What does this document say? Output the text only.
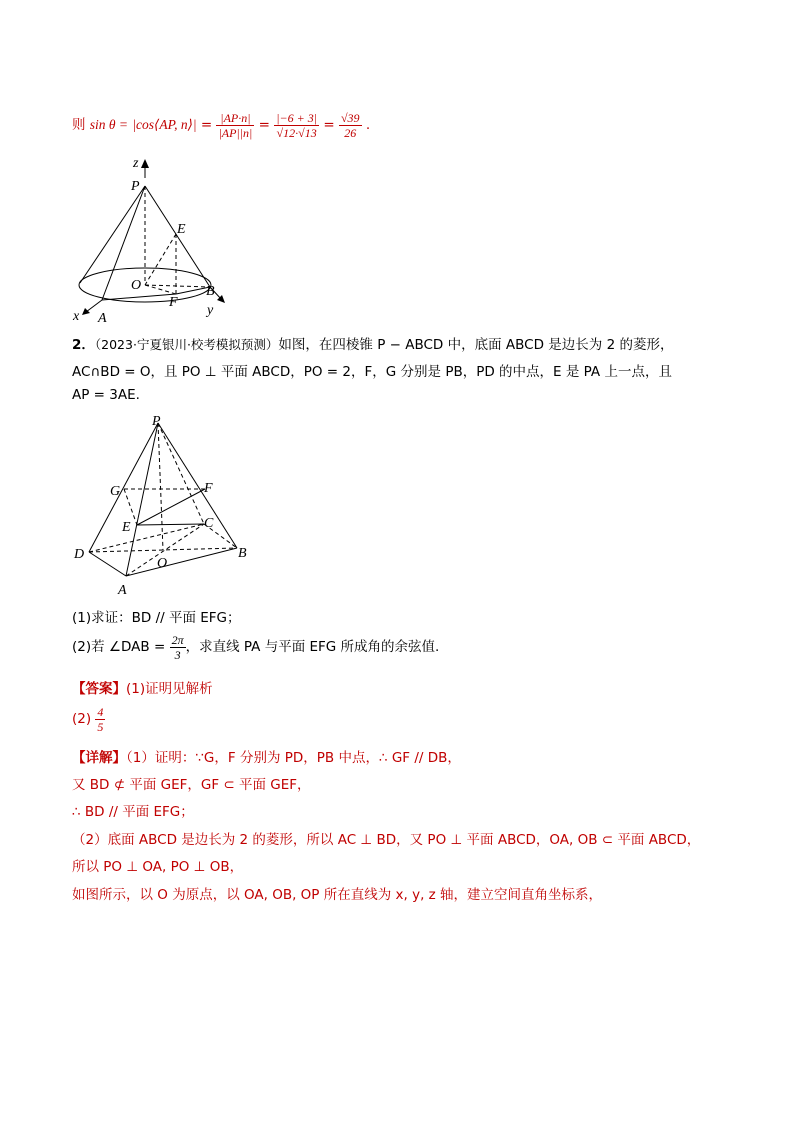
则 sin θ = |cos⟨AP, n⟩| = $\frac{|AP\cdot n|}{|AP||n|} = \frac{|-6 + 3|}{√12\cdot√13} = \frac{√39}{26}$ .
z
P
E
O
F
B
y
x A
2．（2023·宁夏银川·校考模拟预测）如图，在四棱锥 P − ABCD 中，底面 ABCD 是边长为 2 的菱形，
AC∩BD = O，且 PO ⊥ 平面 ABCD，PO = 2，F，G 分别是 PB，PD 的中点，E 是 PA 上一点，且
AP = 3AE.
P
G	F
E	C
D
O
B
A
(1)求证：BD // 平面 EFG；
(2)若 ∠DAB = $\frac{2\pi}{3}$ ，求直线 PA 与平面 EFG 所成角的余弦值.
【答案】(1)证明见解析
$(2) \frac{4}{5}$
【详解】（1）证明：∵G，F 分别为 PD，PB 中点，∴ GF // DB，
又 BD ⊄ 平面 GEF，GF ⊂ 平面 GEF，
∴ BD // 平面 EFG；
（2）底面 ABCD 是边长为 2 的菱形，所以 AC ⊥ BD，又 PO ⊥ 平面 ABCD，OA, OB ⊂ 平面 ABCD，
所以 PO ⊥ OA, PO ⊥ OB，
如图所示，以 O 为原点，以 OA, OB, OP 所在直线为 x, y, z 轴，建立空间直角坐标系，
